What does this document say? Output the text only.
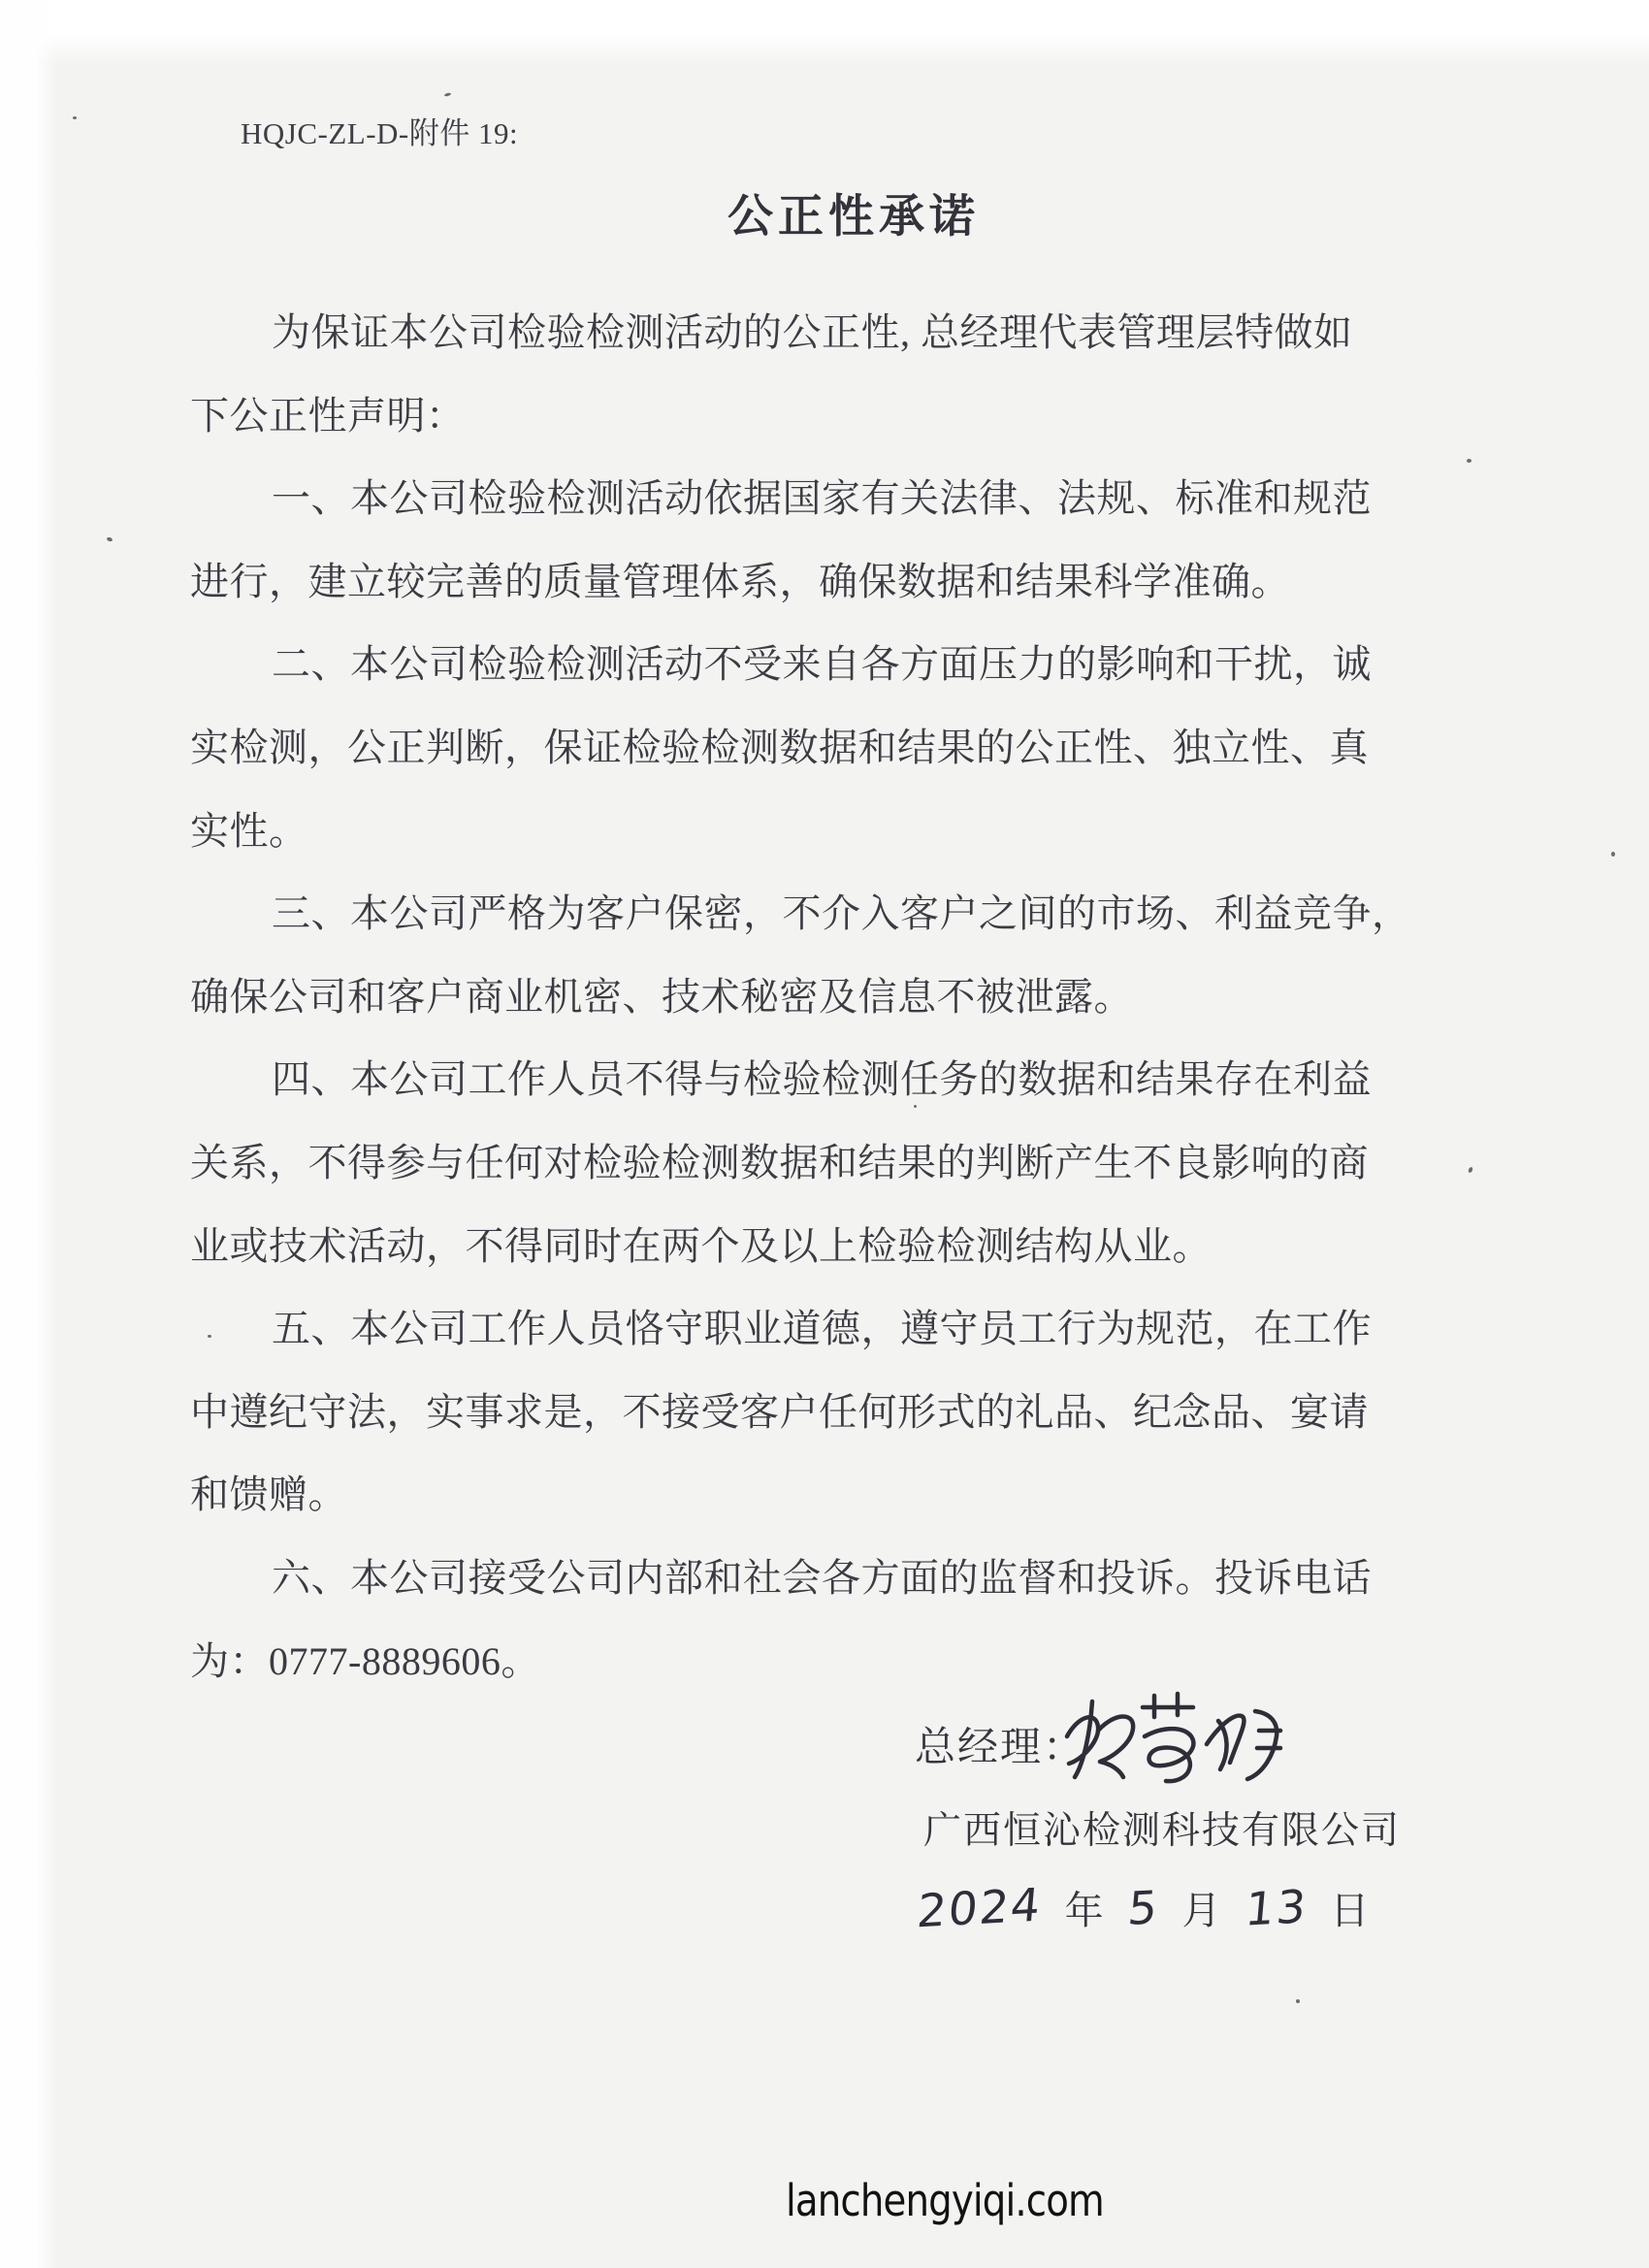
HQJC-ZL-D-附件 19:
公正性承诺
为保证本公司检验检测活动的公正性, 总经理代表管理层特做如
下公正性声明：
一、本公司检验检测活动依据国家有关法律、法规、标准和规范
进行，建立较完善的质量管理体系，确保数据和结果科学准确。
二、本公司检验检测活动不受来自各方面压力的影响和干扰，诚
实检测，公正判断，保证检验检测数据和结果的公正性、独立性、真
实性。
三、本公司严格为客户保密，不介入客户之间的市场、利益竞争，
确保公司和客户商业机密、技术秘密及信息不被泄露。
四、本公司工作人员不得与检验检测任务的数据和结果存在利益
关系，不得参与任何对检验检测数据和结果的判断产生不良影响的商
业或技术活动，不得同时在两个及以上检验检测结构从业。
五、本公司工作人员恪守职业道德，遵守员工行为规范，在工作
中遵纪守法，实事求是，不接受客户任何形式的礼品、纪念品、宴请
和馈赠。
六、本公司接受公司内部和社会各方面的监督和投诉。投诉电话
为：0777-8889606。
总经理：
广西恒沁检测科技有限公司
2024 年 5 月 13 日
lanchengyiqi.com
